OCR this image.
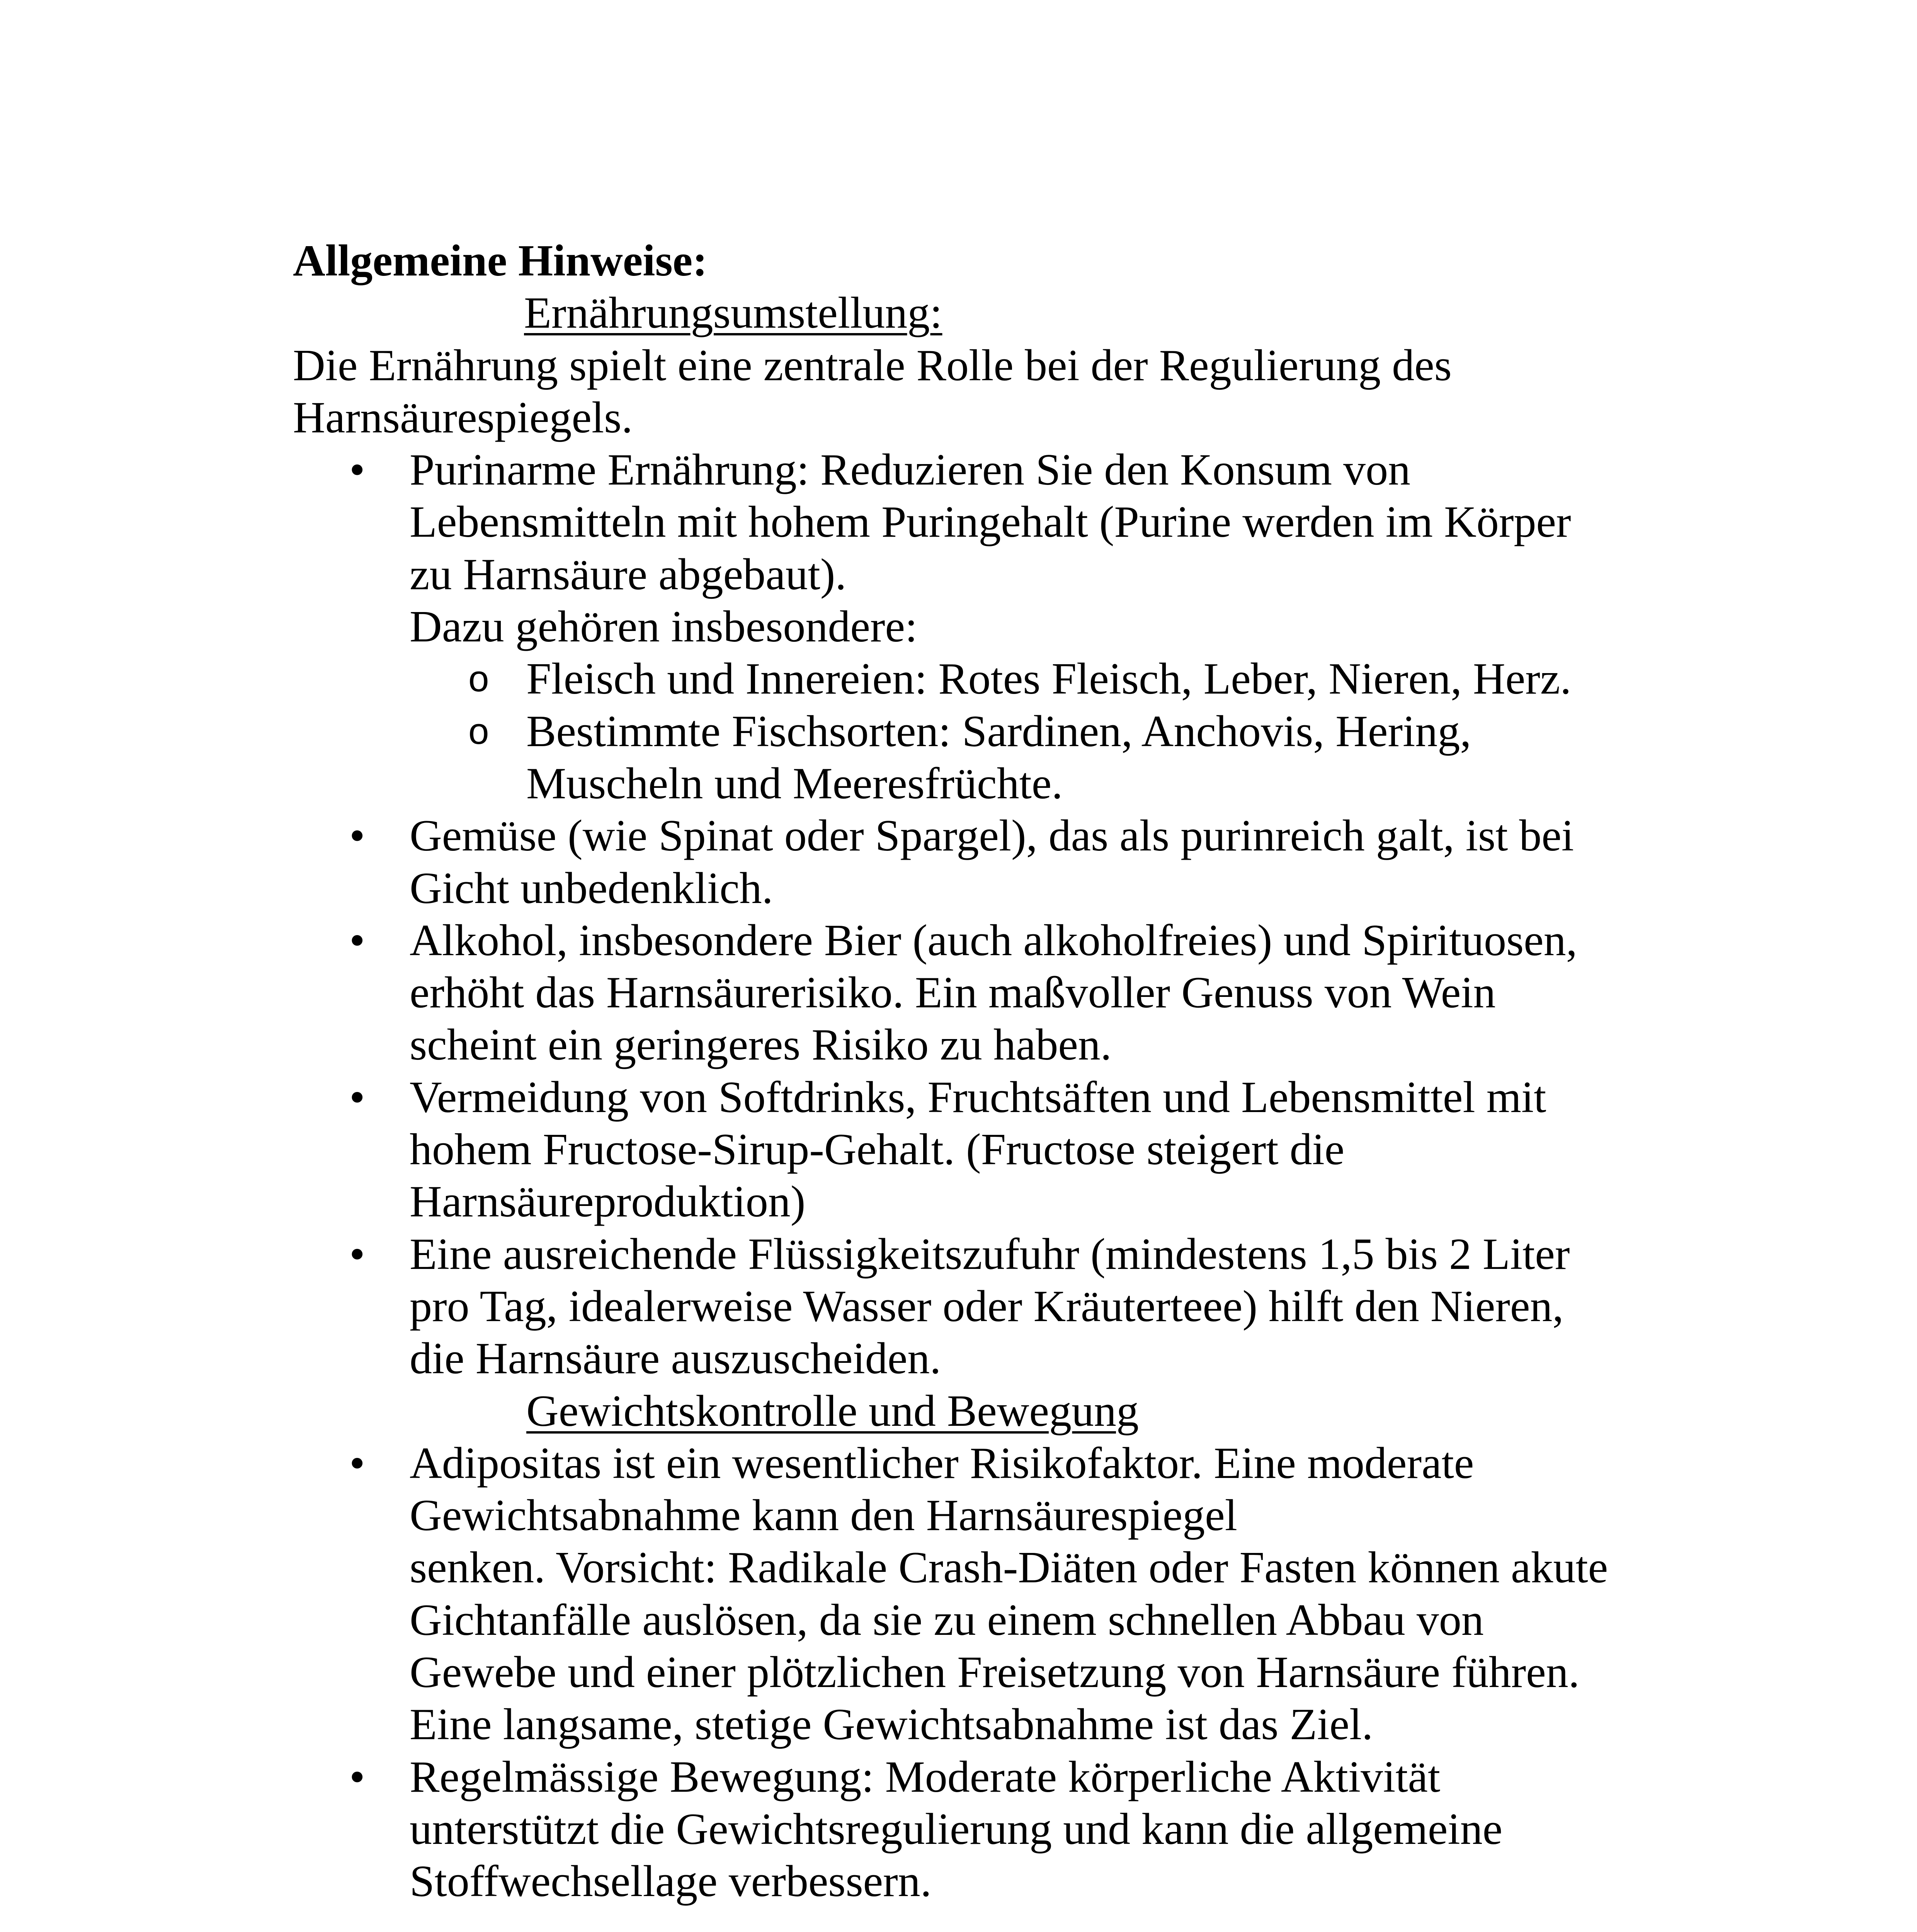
Allgemeine Hinweise:
Ernährungsumstellung:
Die Ernährung spielt eine zentrale Rolle bei der Regulierung des
Harnsäurespiegels.
• Purinarme Ernährung: Reduzieren Sie den Konsum von
Lebensmitteln mit hohem Puringehalt (Purine werden im Körper
zu Harnsäure abgebaut).
Dazu gehören insbesondere:
o Fleisch und Innereien: Rotes Fleisch, Leber, Nieren, Herz.
o Bestimmte Fischsorten: Sardinen, Anchovis, Hering,
Muscheln und Meeresfrüchte.
• Gemüse (wie Spinat oder Spargel), das als purinreich galt, ist bei
Gicht unbedenklich.
• Alkohol, insbesondere Bier (auch alkoholfreies) und Spirituosen,
erhöht das Harnsäurerisiko. Ein maßvoller Genuss von Wein
scheint ein geringeres Risiko zu haben.
• Vermeidung von Softdrinks, Fruchtsäften und Lebensmittel mit
hohem Fructose-Sirup-Gehalt. (Fructose steigert die
Harnsäureproduktion)
• Eine ausreichende Flüssigkeitszufuhr (mindestens 1,5 bis 2 Liter
pro Tag, idealerweise Wasser oder Kräuterteee) hilft den Nieren,
die Harnsäure auszuscheiden.
Gewichtskontrolle und Bewegung
• Adipositas ist ein wesentlicher Risikofaktor. Eine moderate
Gewichtsabnahme kann den Harnsäurespiegel
senken. Vorsicht: Radikale Crash-Diäten oder Fasten können akute
Gichtanfälle auslösen, da sie zu einem schnellen Abbau von
Gewebe und einer plötzlichen Freisetzung von Harnsäure führen.
Eine langsame, stetige Gewichtsabnahme ist das Ziel.
• Regelmässige Bewegung: Moderate körperliche Aktivität
unterstützt die Gewichtsregulierung und kann die allgemeine
Stoffwechsellage verbessern.
